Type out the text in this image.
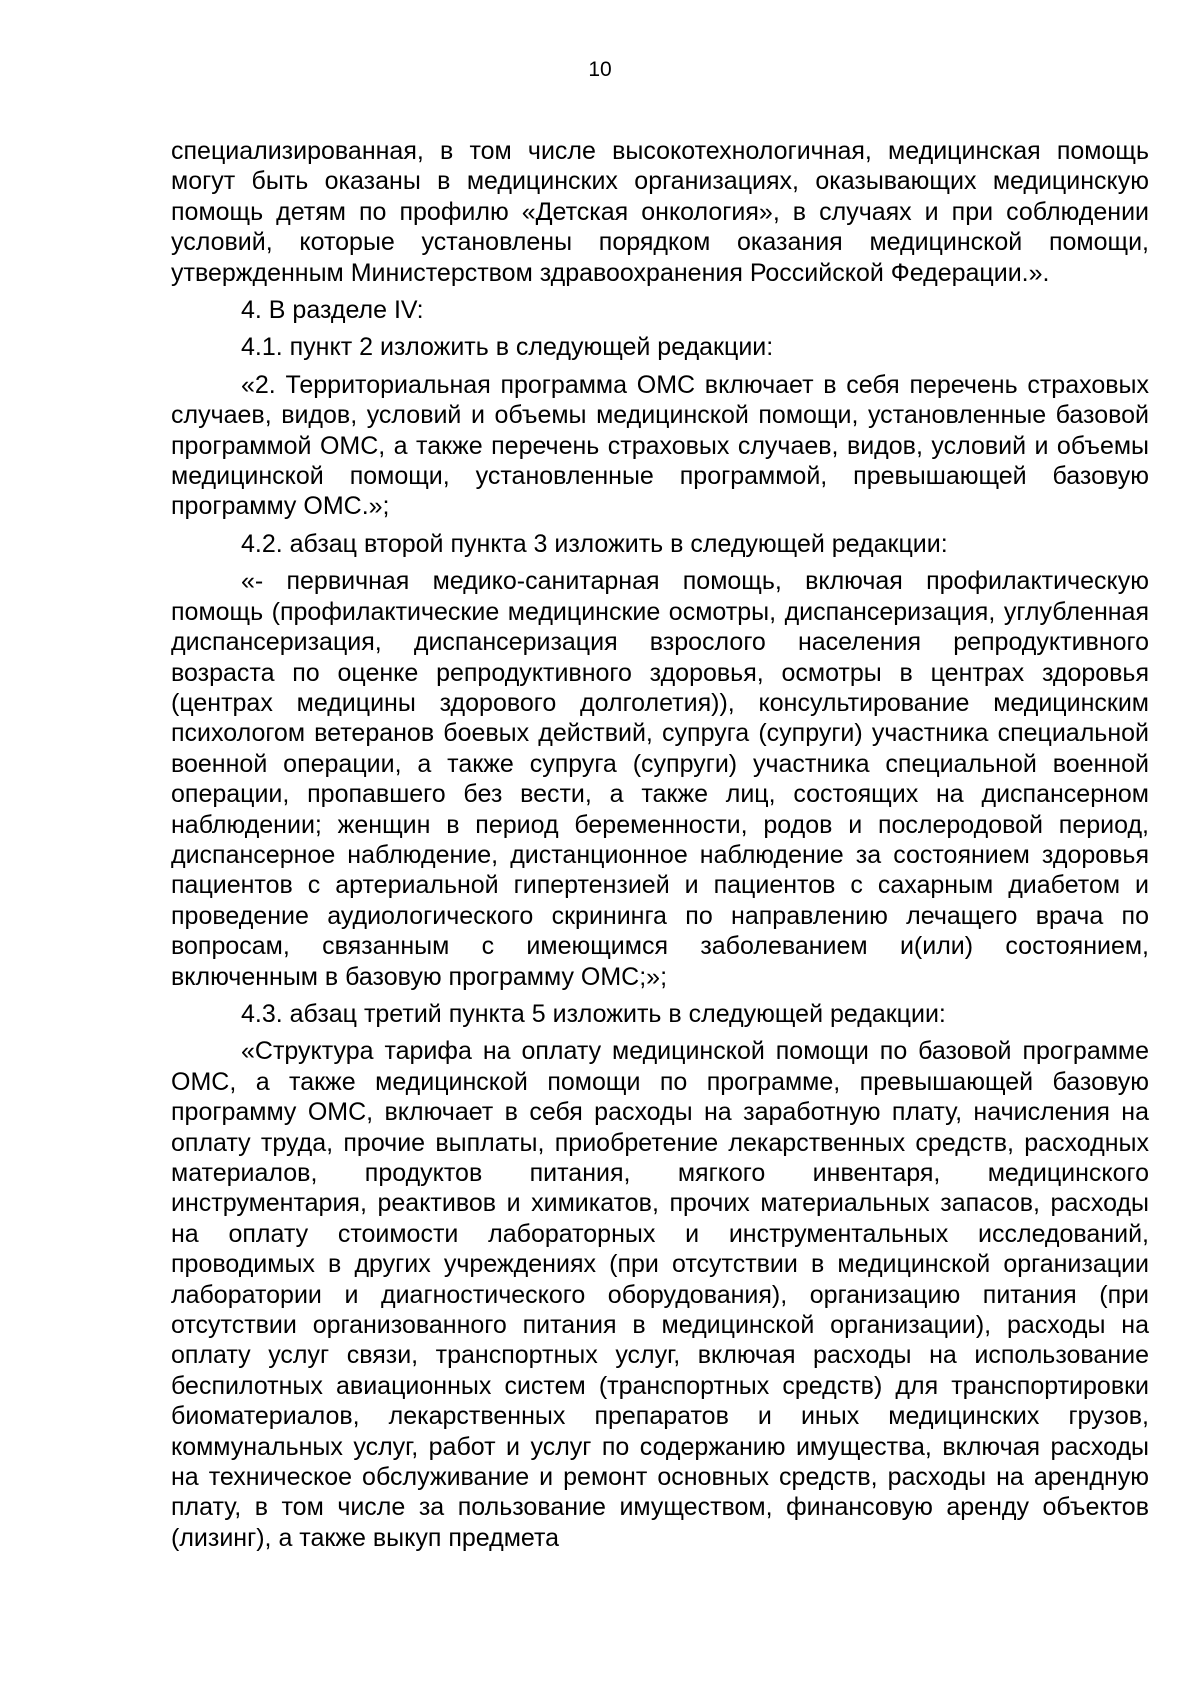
10

специализированная, в том числе высокотехнологичная, медицинская помощь могут быть оказаны в медицинских организациях, оказывающих медицинскую помощь детям по профилю «Детская онкология», в случаях и при соблюдении условий, которые установлены порядком оказания медицинской помощи, утвержденным Министерством здравоохранения Российской Федерации.».

4. В разделе IV:

4.1. пункт 2 изложить в следующей редакции:

«2. Территориальная программа ОМС включает в себя перечень страховых случаев, видов, условий и объемы медицинской помощи, установленные базовой программой ОМС, а также перечень страховых случаев, видов, условий и объемы медицинской помощи, установленные программой, превышающей базовую программу ОМС.»;

4.2. абзац второй пункта 3 изложить в следующей редакции:

«- первичная медико-санитарная помощь, включая профилактическую помощь (профилактические медицинские осмотры, диспансеризация, углубленная диспансеризация, диспансеризация взрослого населения репродуктивного возраста по оценке репродуктивного здоровья, осмотры в центрах здоровья (центрах медицины здорового долголетия)), консультирование медицинским психологом ветеранов боевых действий, супруга (супруги) участника специальной военной операции, а также супруга (супруги) участника специальной военной операции, пропавшего без вести, а также лиц, состоящих на диспансерном наблюдении; женщин в период беременности, родов и послеродовой период, диспансерное наблюдение, дистанционное наблюдение за состоянием здоровья пациентов с артериальной гипертензией и пациентов с сахарным диабетом и проведение аудиологического скрининга по направлению лечащего врача по вопросам, связанным с имеющимся заболеванием и(или) состоянием, включенным в базовую программу ОМС;»;

4.3. абзац третий пункта 5 изложить в следующей редакции:

«Структура тарифа на оплату медицинской помощи по базовой программе ОМС, а также медицинской помощи по программе, превышающей базовую программу ОМС, включает в себя расходы на заработную плату, начисления на оплату труда, прочие выплаты, приобретение лекарственных средств, расходных материалов, продуктов питания, мягкого инвентаря, медицинского инструментария, реактивов и химикатов, прочих материальных запасов, расходы на оплату стоимости лабораторных и инструментальных исследований, проводимых в других учреждениях (при отсутствии в медицинской организации лаборатории и диагностического оборудования), организацию питания (при отсутствии организованного питания в медицинской организации), расходы на оплату услуг связи, транспортных услуг, включая расходы на использование беспилотных авиационных систем (транспортных средств) для транспортировки биоматериалов, лекарственных препаратов и иных медицинских грузов, коммунальных услуг, работ и услуг по содержанию имущества, включая расходы на техническое обслуживание и ремонт основных средств, расходы на арендную плату, в том числе за пользование имуществом, финансовую аренду объектов (лизинг), а также выкуп предмета
